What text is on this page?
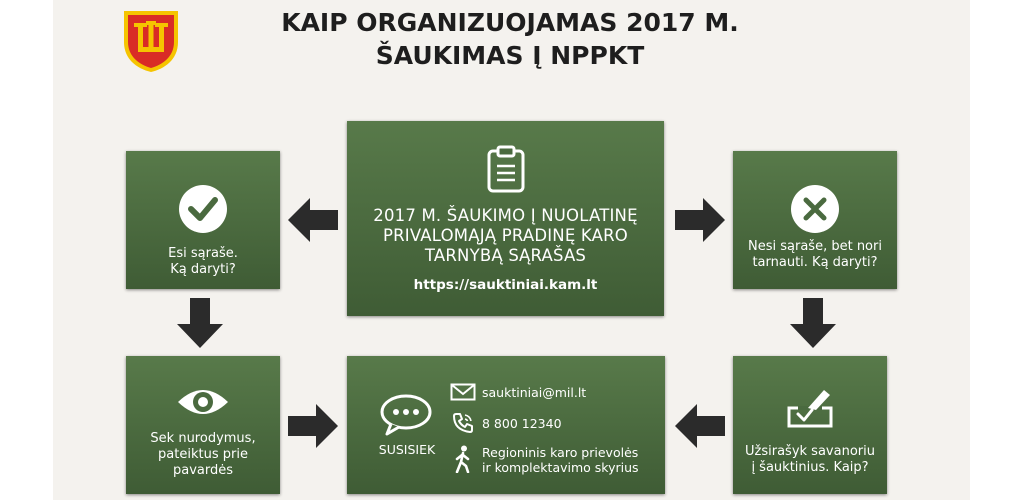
KAIP ORGANIZUOJAMAS 2017 M.
ŠAUKIMAS Į NPPKT
2017 M. ŠAUKIMO Į NUOLATINĘ
PRIVALOMĄJĄ PRADINĘ KARO
TARNYBĄ SĄRAŠAS
https://sauktiniai.kam.lt
Esi sąraše.
Ką daryti?
Nesi sąraše, bet nori
tarnauti. Ką daryti?
Sek nurodymus,
pateiktus prie
pavardės
Užsirašyk savanoriu
į šauktinius. Kaip?
SUSISIEK
sauktiniai@mil.lt
8 800 12340
Regioninis karo prievolės
ir komplektavimo skyrius
